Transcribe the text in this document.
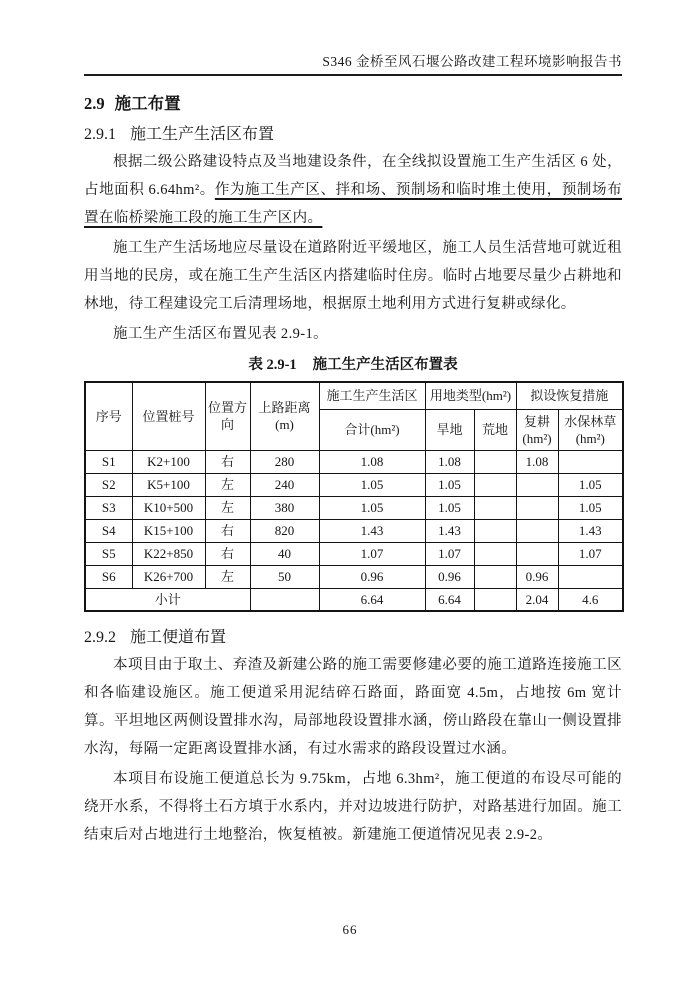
S346 金桥至风石堰公路改建工程环境影响报告书
2.9 施工布置
2.9.1 施工生产生活区布置

根据二级公路建设特点及当地建设条件，在全线拟设置施工生产生活区 6 处，占地面积 6.64hm²。作为施工生产区、拌和场、预制场和临时堆土使用，预制场布置在临桥梁施工段的施工生产区内。

施工生产生活场地应尽量设在道路附近平缓地区，施工人员生活营地可就近租用当地的民房，或在施工生产生活区内搭建临时住房。临时占地要尽量少占耕地和林地，待工程建设完工后清理场地，根据原土地利用方式进行复耕或绿化。

施工生产生活区布置见表 2.9-1。

表 2.9-1 施工生产生活区布置表
序号	位置桩号	位置方向	上路距离(m)	施工生产生活区	用地类型(hm²)		拟设恢复措施	
				合计(hm²)	旱地	荒地	复耕(hm²)	水保林草(hm²)
S1	K2+100	右	280	1.08	1.08		1.08	
S2	K5+100	左	240	1.05	1.05			1.05
S3	K10+500	左	380	1.05	1.05			1.05
S4	K15+100	右	820	1.43	1.43			1.43
S5	K22+850	右	40	1.07	1.07			1.07
S6	K26+700	左	50	0.96	0.96		0.96	
小计				6.64	6.64		2.04	4.6
2.9.2 施工便道布置

本项目由于取土、弃渣及新建公路的施工需要修建必要的施工道路连接施工区和各临建设施区。施工便道采用泥结碎石路面，路面宽 4.5m，占地按 6m 宽计算。平坦地区两侧设置排水沟，局部地段设置排水涵，傍山路段在靠山一侧设置排水沟，每隔一定距离设置排水涵，有过水需求的路段设置过水涵。

本项目布设施工便道总长为 9.75km，占地 6.3hm²，施工便道的布设尽可能的绕开水系，不得将土石方填于水系内，并对边坡进行防护，对路基进行加固。施工结束后对占地进行土地整治，恢复植被。新建施工便道情况见表 2.9-2。

66
